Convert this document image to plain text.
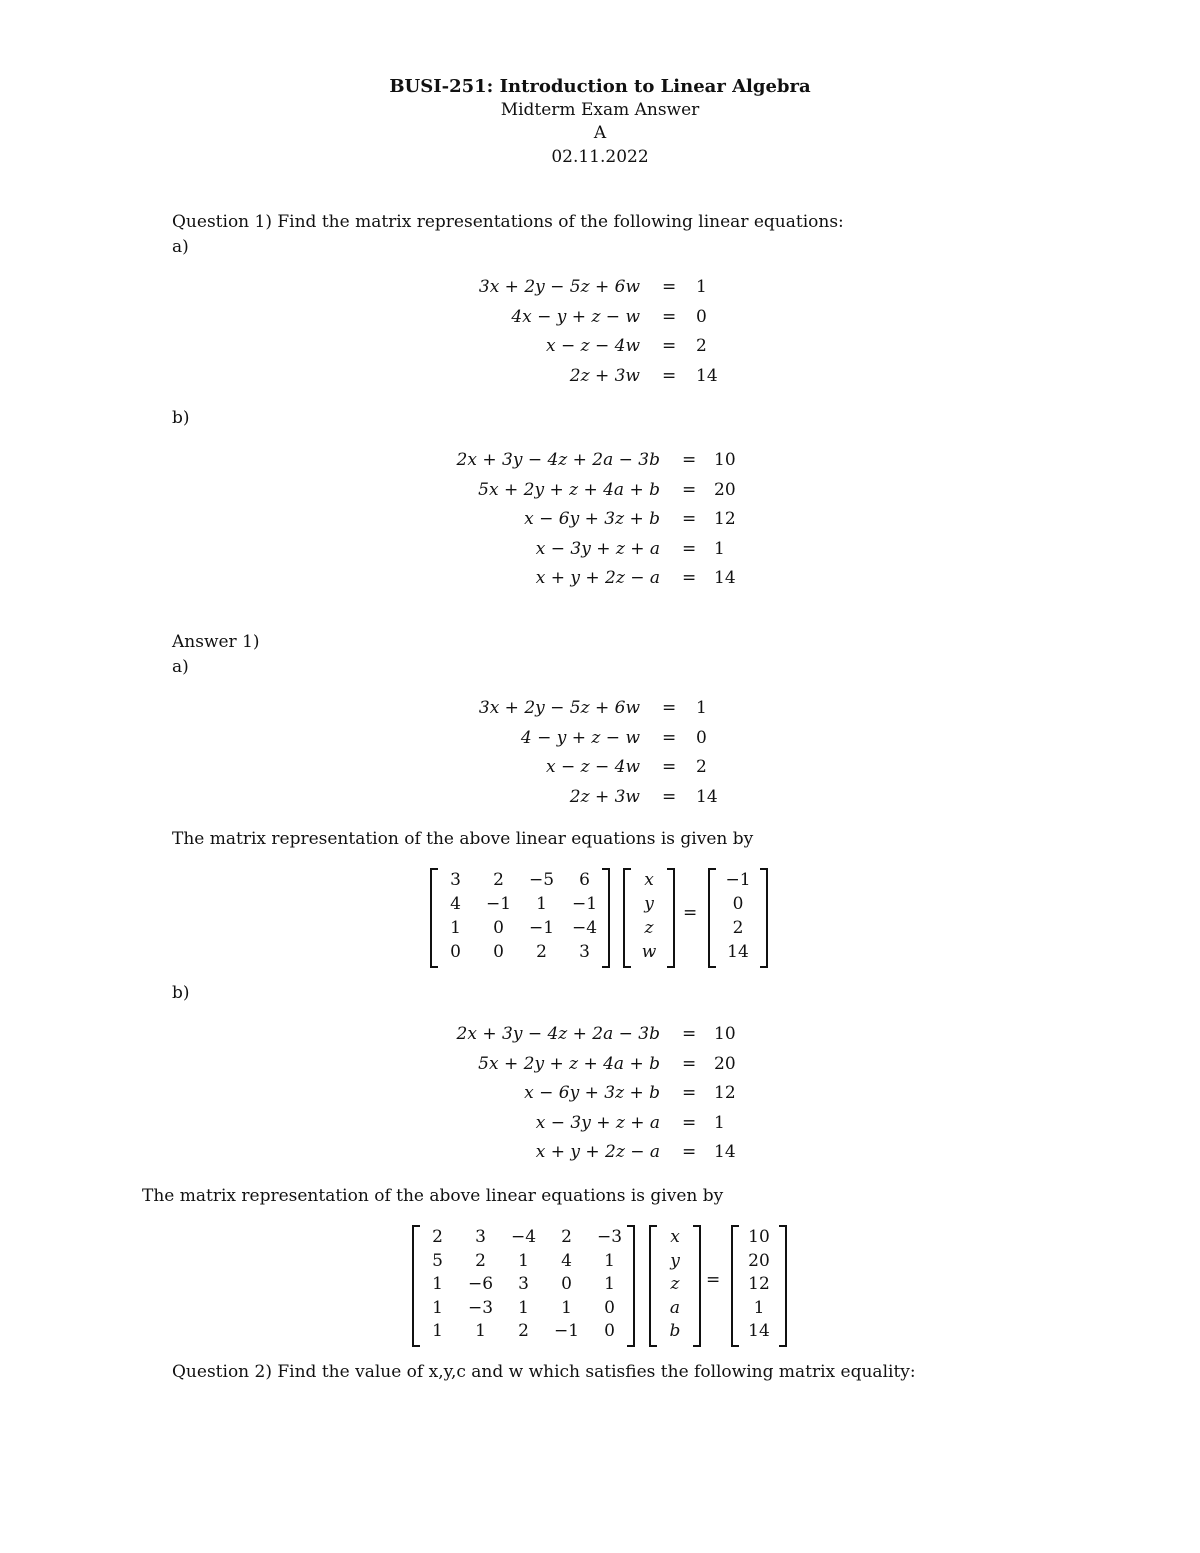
BUSI-251: Introduction to Linear Algebra
Midterm Exam Answer
A
02.11.2022
Question 1) Find the matrix representations of the following linear equations:
a)
3x + 2y − 5z + 6w = 1
4x − y + z − w = 0
x − z − 4w = 2
2z + 3w = 14
b)
2x + 3y − 4z + 2a − 3b = 10
5x + 2y + z + 4a + b = 20
x − 6y + 3z + b = 12
x − 3y + z + a = 1
x + y + 2z − a = 14
Answer 1)
a)
3x + 2y − 5z + 6w = 1
4 − y + z − w = 0
x − z − 4w = 2
2z + 3w = 14
The matrix representation of the above linear equations is given by
3	2	−5	6
4	−1	1	−1
1	0	−1	−4
0	0	2	3
x
y
z
w
=
−1
0
2
14
b)
2x + 3y − 4z + 2a − 3b = 10
5x + 2y + z + 4a + b = 20
x − 6y + 3z + b = 12
x − 3y + z + a = 1
x + y + 2z − a = 14
The matrix representation of the above linear equations is given by
2	3	−4	2	−3
5	2	1	4	1
1	−6	3	0	1
1	−3	1	1	0
1	1	2	−1	0
x
y
z
a
b
=
10
20
12
1
14
Question 2) Find the value of x,y,c and w which satisfies the following matrix equality:
